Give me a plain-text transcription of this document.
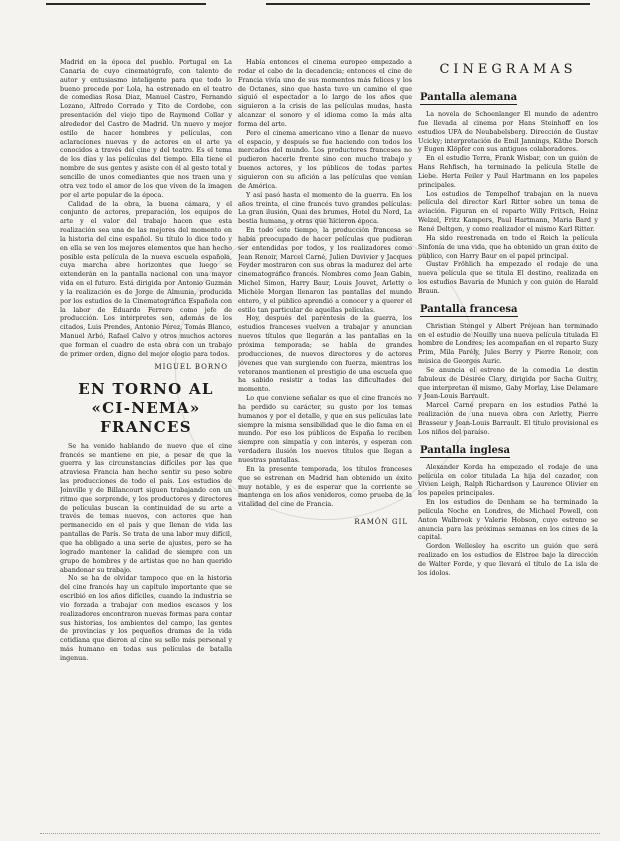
Madrid en la época del pueblo. Portugal en La Canaria de cuyo cinematógrafo, con talento de autor y entusiasmo inteligente para que todo lo bueno precede por Lola, ha estrenado en el teatro de comedias Rosa Diaz, Manuel Castro, Fernando Lozano, Alfredo Corrado y Tito de Cordobe, con presentación del viejo tipo de Raymond Collar y alrededor del Castro de Madrid. Un nuevo y mejor estilo de hacer hombres y películas, con aclaraciones nuevas y de actores en el arte ya conocidos a través del cine y del teatro. Es el tema de los días y las películas del tiempo. Ella tiene el nombre de sus gentes y asiste con él al gesto total y sencillo de unos comediantes que nos traen una y otra vez todo el amor de los que viven de la imagen por el arte popular de la época.

Calidad de la obra, la buena cámara, y el conjunto de actores, preparación, los equipos de arte y el valor del trabajo hacen que esta realización sea una de las mejores del momento en la historia del cine español. Su título lo dice todo y en ella se ven los mejores elementos que han hecho posible esta película de la nueva escuela española, cuya marcha abre horizontes que luego se extenderán en la pantalla nacional con una mayor vida en el futuro. Está dirigida por Antonio Guzmán y la realización es de Jorge de Almunia, producida por los estudios de la Cinematográfica Española con la labor de Eduardo Ferrero como jefe de producción. Los intérpretes son, además de los citados, Luis Prendes, Antonio Pérez, Tomás Blanco, Manuel Arbó, Rafael Calvo y otros muchos actores que forman el cuadro de esta obra con un trabajo de primer orden, digno del mejor elogio para todos.

MIGUEL BORNO
EN TORNO AL «CI-NEMA» FRANCES

Se ha venido hablando de nuevo que el cine francés se mantiene en pie, a pesar de que la guerra y las circunstancias difíciles por las que atraviesa Francia han hecho sentir su peso sobre las producciones de todo el país. Los estudios de Joinville y de Billancourt siguen trabajando con un ritmo que sorprende, y los productores y directores de películas buscan la continuidad de su arte a través de temas nuevos, con actores que han permanecido en el país y que llenan de vida las pantallas de París. Se trata de una labor muy difícil, que ha obligado a una serie de ajustes, pero se ha logrado mantener la calidad de siempre con un grupo de hombres y de artistas que no han querido abandonar su trabajo.

No se ha de olvidar tampoco que en la historia del cine francés hay un capítulo importante que se escribió en los años difíciles, cuando la industria se vio forzada a trabajar con medios escasos y los realizadores encontraron nuevas formas para contar sus historias, los ambientes del campo, las gentes de provincias y los pequeños dramas de la vida cotidiana que dieron al cine su sello más personal y más humano en todas sus películas de batalla ingenua.

Había entonces el cinema europeo empezado a rodar el cabo de la decadencia; entonces el cine de Francia vivía uno de sus momentos más felices y los de Octanes, sino que hasta tuvo un camino el que siguió el espectador a lo largo de los años que siguieron a la crisis de las películas mudas, hasta alcanzar el sonoro y el idioma como la más alta forma del arte.

Pero el cinema americano vino a llenar de nuevo el espacio, y después se fue haciendo con todos los mercados del mundo. Los productores franceses no pudieron hacerle frente sino con mucho trabajo y buenos actores, y los públicos de todas partes siguieron con su afición a las películas que venían de América.

Y así pasó hasta el momento de la guerra. En los años treinta, el cine francés tuvo grandes películas: La gran ilusión, Quai des brumes, Hotel du Nord, La bestia humana, y otras que hicieron época.

En todo este tiempo, la producción francesa se había preocupado de hacer películas que pudieran ser entendidas por todos, y los realizadores como Jean Renoir, Marcel Carné, Julien Duvivier y Jacques Feyder mostraron con sus obras la madurez del arte cinematográfico francés. Nombres como Jean Gabin, Michel Simon, Harry Baur, Louis Jouvet, Arletty o Michèle Morgan llenaron las pantallas del mundo entero, y el público aprendió a conocer y a querer el estilo tan particular de aquellas películas.

Hoy, después del paréntesis de la guerra, los estudios franceses vuelven a trabajar y anuncian nuevos títulos que llegarán a las pantallas en la próxima temporada; se habla de grandes producciones, de nuevos directores y de actores jóvenes que van surgiendo con fuerza, mientras los veteranos mantienen el prestigio de una escuela que ha sabido resistir a todas las dificultades del momento.

Lo que conviene señalar es que el cine francés no ha perdido su carácter, su gusto por los temas humanos y por el detalle, y que en sus películas late siempre la misma sensibilidad que le dio fama en el mundo. Por eso los públicos de España lo reciben siempre con simpatía y con interés, y esperan con verdadera ilusión los nuevos títulos que llegan a nuestras pantallas.

En la presente temporada, los títulos franceses que se estrenan en Madrid han obtenido un éxito muy notable, y es de esperar que la corriente se mantenga en los años venideros, como prueba de la vitalidad del cine de Francia.

RAMÓN GIL
CINEGRAMAS
Pantalla alemana

La novela de Schoenlanger El mundo de adentro fue llevada al cinema por Hans Steinhoff en los estudios UFA de Neubabelsberg. Dirección de Gustav Ucicky; interpretación de Emil Jannings, Käthe Dorsch y Eugen Klöpfer con sus antiguos colaboradores.

En el estudio Terra, Frank Wisbar, con un guión de Hans Rehfisch, ha terminado la película Stelle de Liebe. Herta Feiler y Paul Hartmann en los papeles principales.

Los estudios de Tempelhof trabajan en la nueva película del director Karl Ritter sobre un tema de aviación. Figuran en el reparto Willy Fritsch, Heinz Welzel, Fritz Kampers, Paul Hartmann, Maria Bard y René Deltgen, y como realizador el mismo Karl Ritter.

Ha sido reestrenada en todo el Reich la película Sinfonía de una vida, que ha obtenido un gran éxito de público, con Harry Baur en el papel principal.

Gustav Fröhlich ha empezado el rodaje de una nueva película que se titula El destino, realizada en los estudios Bavaria de Munich y con guión de Harald Braun.

Pantalla francesa

Christian Stengel y Albert Préjean han terminado en el estudio de Neuilly una nueva película titulada El hombre de Londres; les acompañan en el reparto Suzy Prim, Mila Parély, Jules Berry y Pierre Renoir, con música de Georges Auric.

Se anuncia el estreno de la comedia Le destin fabuleux de Désirée Clary, dirigida por Sacha Guitry, que interpretan él mismo, Gaby Morlay, Lise Delamare y Jean-Louis Barrault.

Marcel Carné prepara en los estudios Pathé la realización de una nueva obra con Arletty, Pierre Brasseur y Jean-Louis Barrault. El título provisional es Los niños del paraíso.

Pantalla inglesa

Alexander Korda ha empezado el rodaje de una película en color titulada La hija del cazador, con Vivien Leigh, Ralph Richardson y Laurence Olivier en los papeles principales.

En los estudios de Denham se ha terminado la película Noche en Londres, de Michael Powell, con Anton Walbrook y Valerie Hobson, cuyo estreno se anuncia para las próximas semanas en los cines de la capital.

Gordon Wellesley ha escrito un guión que será realizado en los estudios de Elstree bajo la dirección de Walter Forde, y que llevará el título de La isla de los ídolos.
